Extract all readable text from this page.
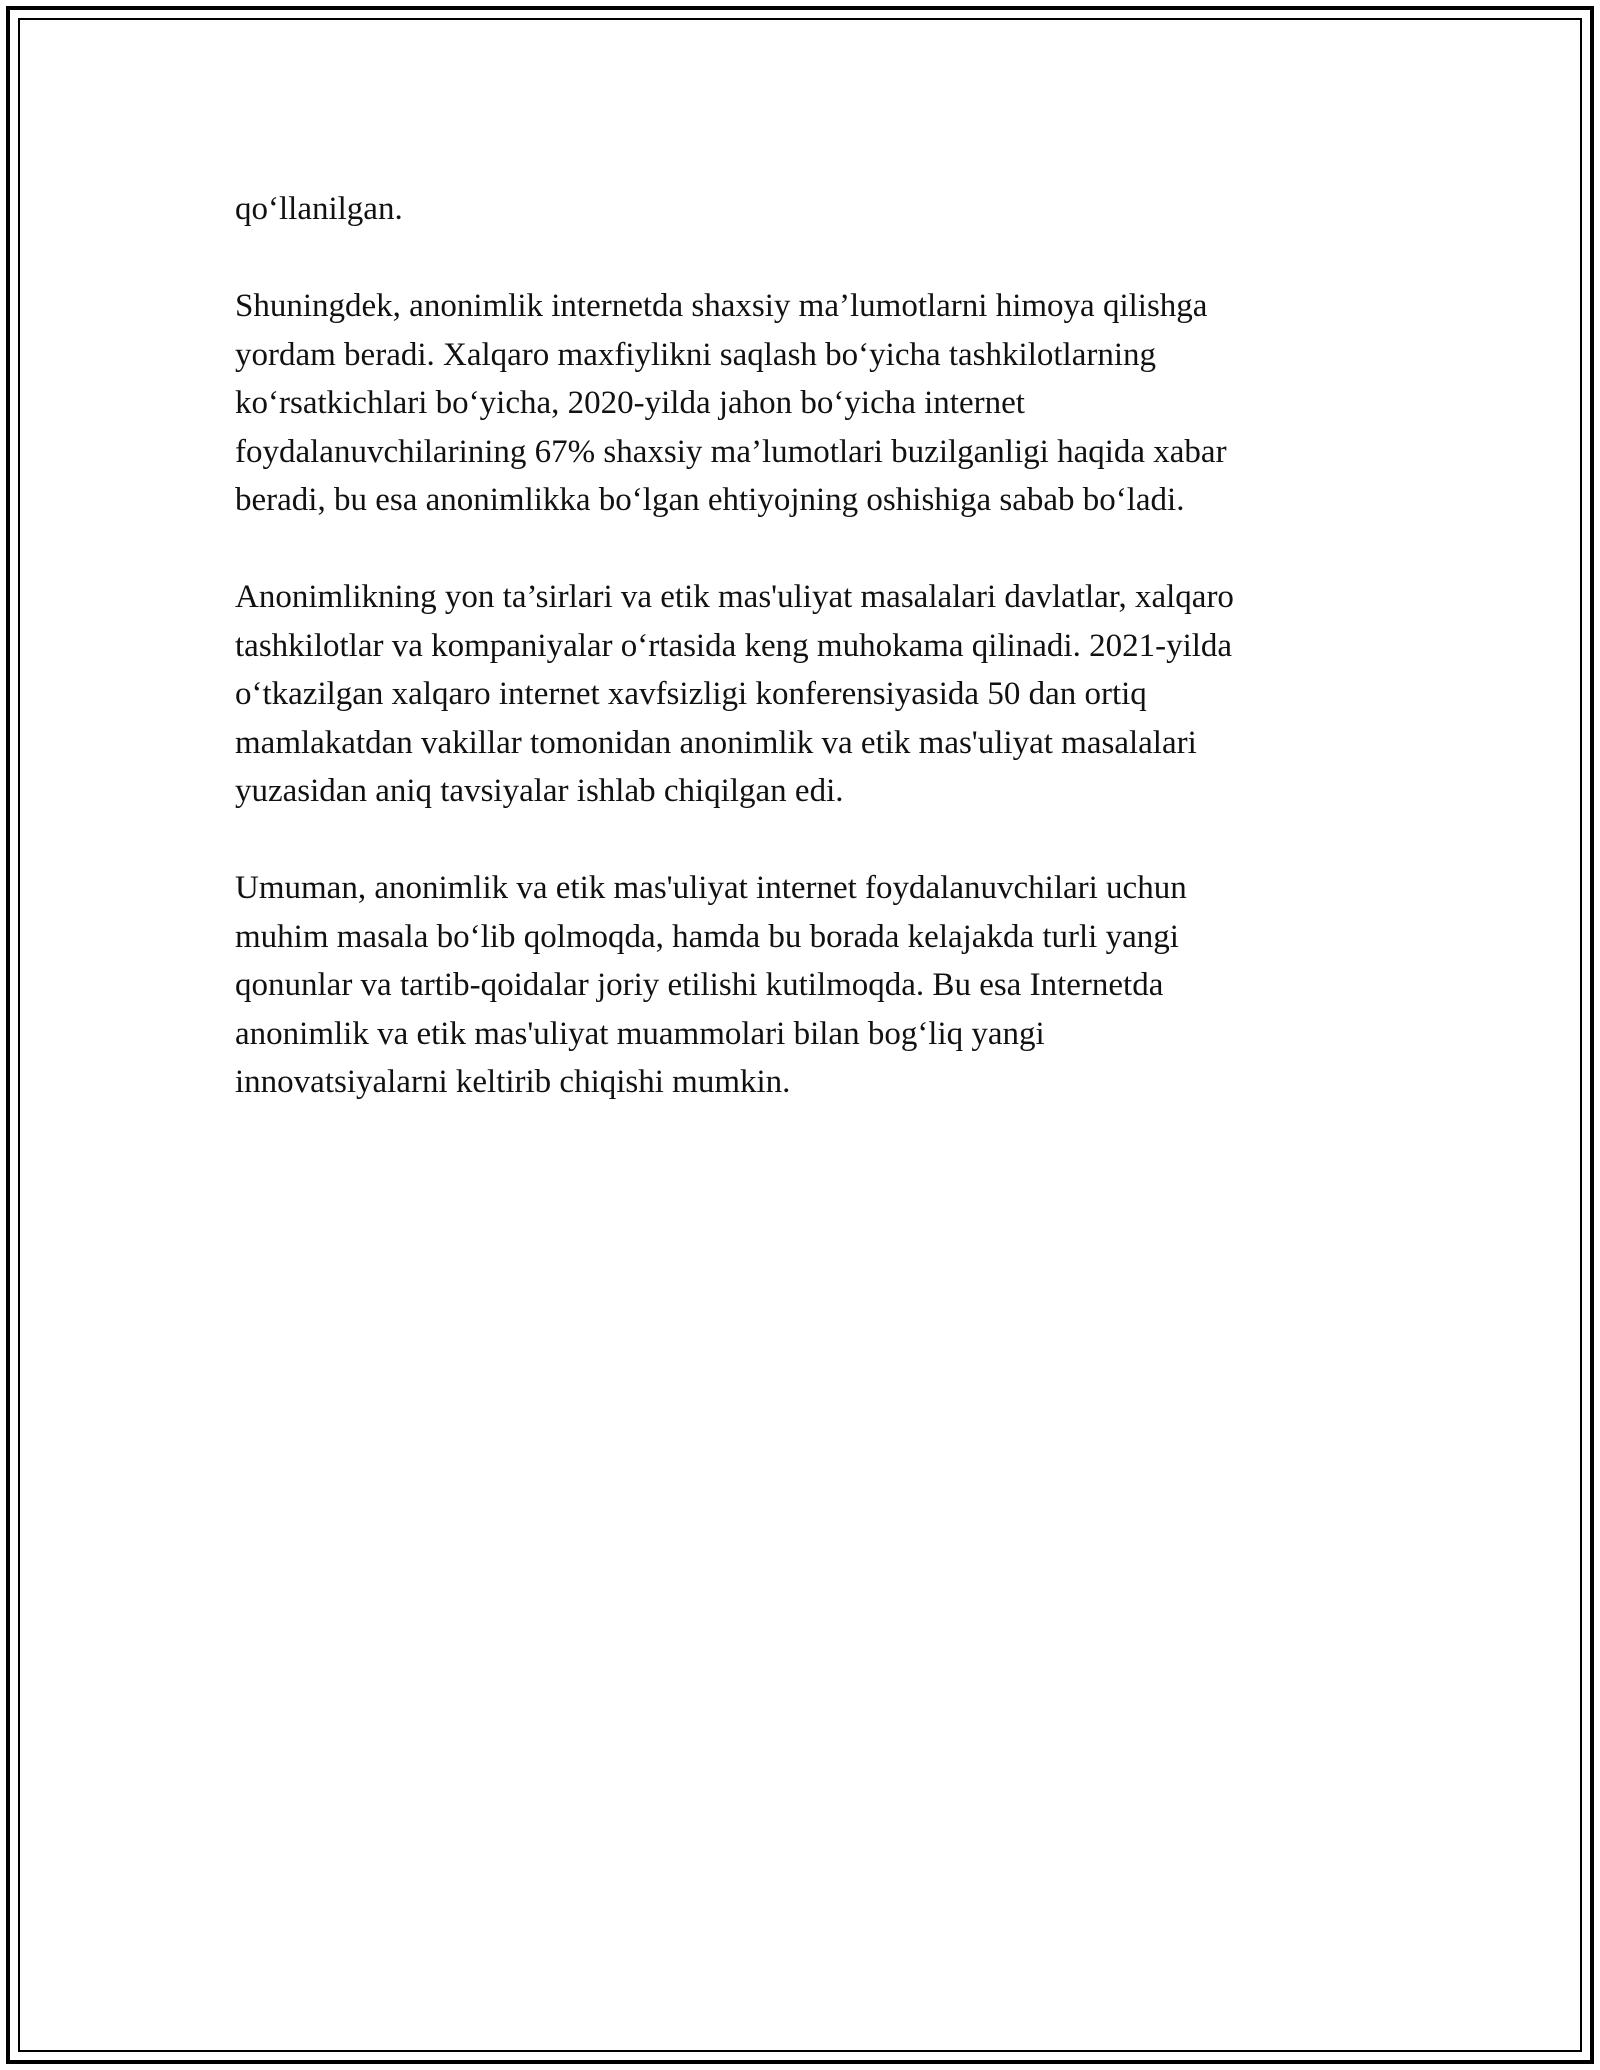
qo‘llanilgan.

Shuningdek, anonimlik internetda shaxsiy ma’lumotlarni himoya qilishga
yordam beradi. Xalqaro maxfiylikni saqlash bo‘yicha tashkilotlarning
ko‘rsatkichlari bo‘yicha, 2020-yilda jahon bo‘yicha internet
foydalanuvchilarining 67% shaxsiy ma’lumotlari buzilganligi haqida xabar
beradi, bu esa anonimlikka bo‘lgan ehtiyojning oshishiga sabab bo‘ladi.

Anonimlikning yon ta’sirlari va etik mas'uliyat masalalari davlatlar, xalqaro
tashkilotlar va kompaniyalar o‘rtasida keng muhokama qilinadi. 2021-yilda
o‘tkazilgan xalqaro internet xavfsizligi konferensiyasida 50 dan ortiq
mamlakatdan vakillar tomonidan anonimlik va etik mas'uliyat masalalari
yuzasidan aniq tavsiyalar ishlab chiqilgan edi.

Umuman, anonimlik va etik mas'uliyat internet foydalanuvchilari uchun
muhim masala bo‘lib qolmoqda, hamda bu borada kelajakda turli yangi
qonunlar va tartib-qoidalar joriy etilishi kutilmoqda. Bu esa Internetda
anonimlik va etik mas'uliyat muammolari bilan bog‘liq yangi
innovatsiyalarni keltirib chiqishi mumkin.
